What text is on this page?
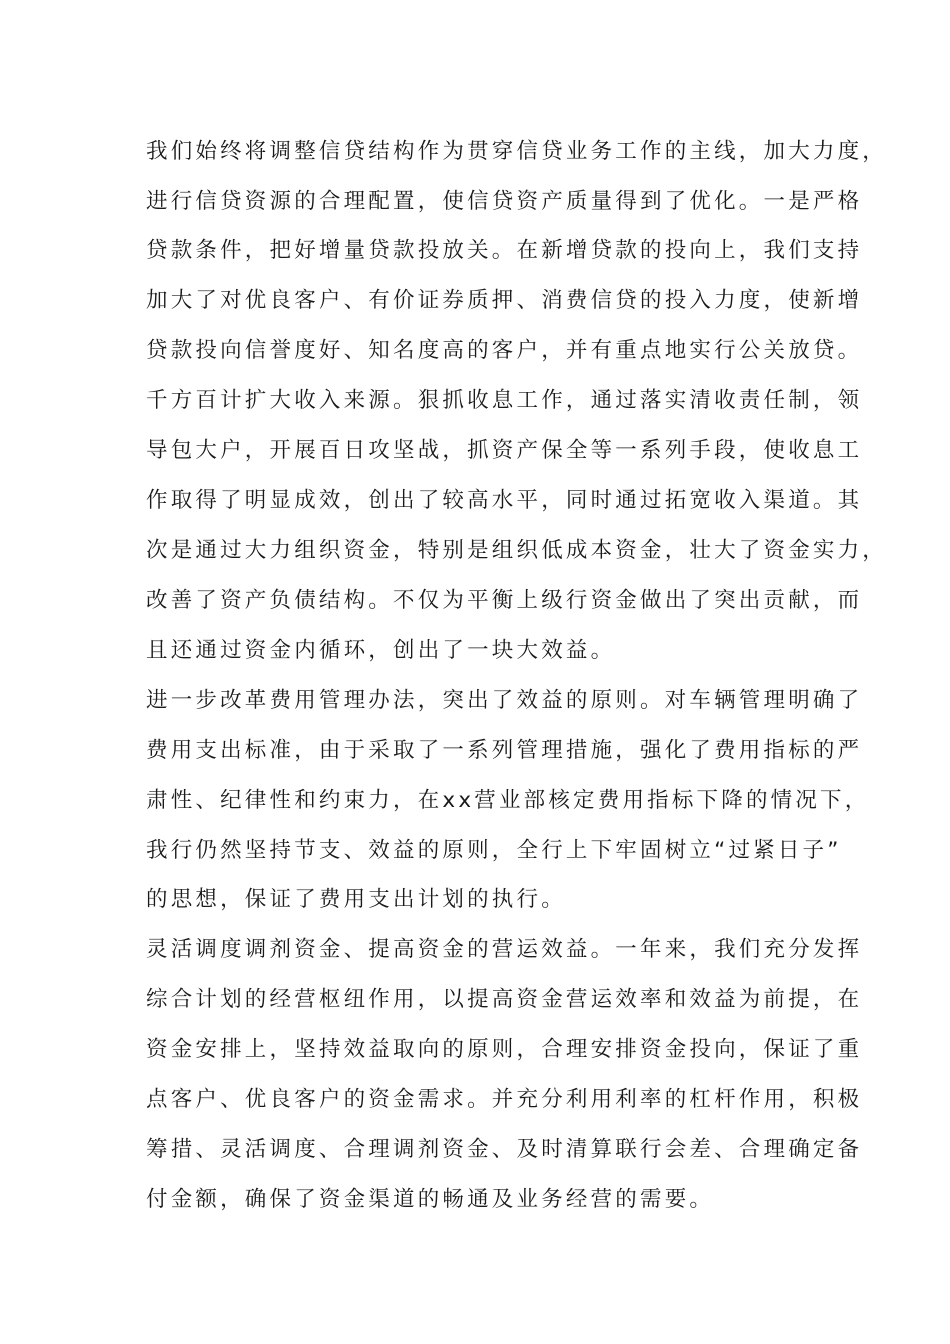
我们始终将调整信贷结构作为贯穿信贷业务工作的主线，加大力度，

进行信贷资源的合理配置，使信贷资产质量得到了优化。一是严格

贷款条件，把好增量贷款投放关。在新增贷款的投向上，我们支持

加大了对优良客户、有价证券质押、消费信贷的投入力度，使新增

贷款投向信誉度好、知名度高的客户，并有重点地实行公关放贷。

千方百计扩大收入来源。狠抓收息工作，通过落实清收责任制，领

导包大户，开展百日攻坚战，抓资产保全等一系列手段，使收息工

作取得了明显成效，创出了较高水平，同时通过拓宽收入渠道。其

次是通过大力组织资金，特别是组织低成本资金，壮大了资金实力，

改善了资产负债结构。不仅为平衡上级行资金做出了突出贡献，而

且还通过资金内循环，创出了一块大效益。

进一步改革费用管理办法，突出了效益的原则。对车辆管理明确了

费用支出标准，由于采取了一系列管理措施，强化了费用指标的严

肃性、纪律性和约束力，在xx营业部核定费用指标下降的情况下，

我行仍然坚持节支、效益的原则，全行上下牢固树立“过紧日子”

的思想，保证了费用支出计划的执行。

灵活调度调剂资金、提高资金的营运效益。一年来，我们充分发挥

综合计划的经营枢纽作用，以提高资金营运效率和效益为前提，在

资金安排上，坚持效益取向的原则，合理安排资金投向，保证了重

点客户、优良客户的资金需求。并充分利用利率的杠杆作用，积极

筹措、灵活调度、合理调剂资金、及时清算联行会差、合理确定备

付金额，确保了资金渠道的畅通及业务经营的需要。
